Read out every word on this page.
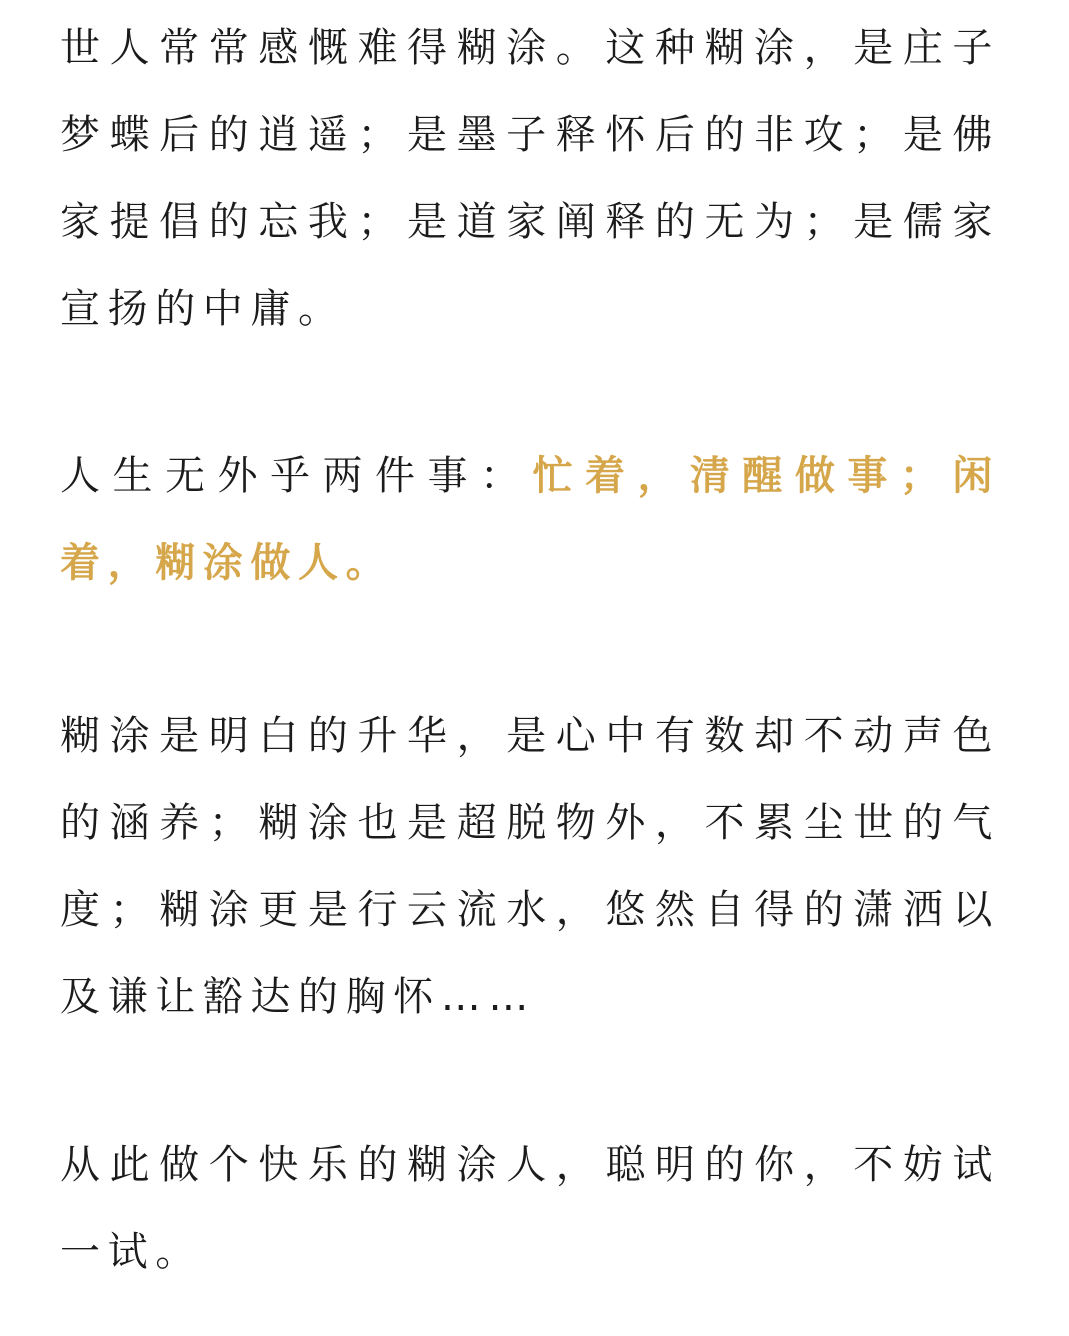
世人常常感慨难得糊涂。这种糊涂，是庄子梦蝶后的逍遥；是墨子释怀后的非攻；是佛家提倡的忘我；是道家阐释的无为；是儒家宣扬的中庸。

人生无外乎两件事：忙着，清醒做事；闲着，糊涂做人。

糊涂是明白的升华，是心中有数却不动声色的涵养；糊涂也是超脱物外，不累尘世的气度；糊涂更是行云流水，悠然自得的潇洒以及谦让豁达的胸怀……

从此做个快乐的糊涂人，聪明的你，不妨试一试。
